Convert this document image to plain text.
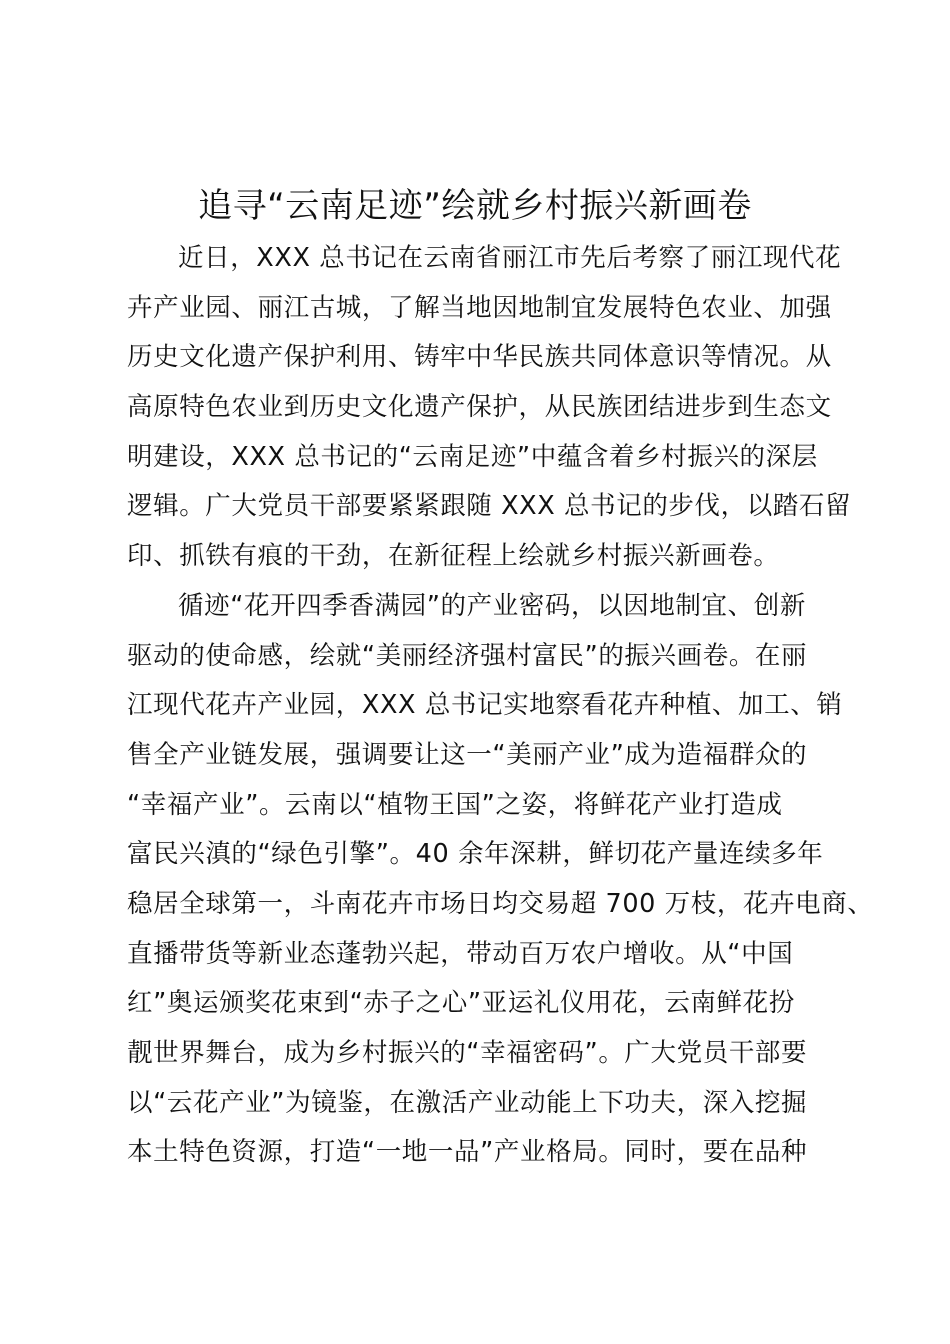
追寻“云南足迹”绘就乡村振兴新画卷
近日，XXX 总书记在云南省丽江市先后考察了丽江现代花
卉产业园、丽江古城，了解当地因地制宜发展特色农业、加强
历史文化遗产保护利用、铸牢中华民族共同体意识等情况。从
高原特色农业到历史文化遗产保护，从民族团结进步到生态文
明建设，XXX 总书记的“云南足迹”中蕴含着乡村振兴的深层
逻辑。广大党员干部要紧紧跟随 XXX 总书记的步伐，以踏石留
印、抓铁有痕的干劲，在新征程上绘就乡村振兴新画卷。
循迹“花开四季香满园”的产业密码，以因地制宜、创新
驱动的使命感，绘就“美丽经济强村富民”的振兴画卷。在丽
江现代花卉产业园，XXX 总书记实地察看花卉种植、加工、销
售全产业链发展，强调要让这一“美丽产业”成为造福群众的
“幸福产业”。云南以“植物王国”之姿，将鲜花产业打造成
富民兴滇的“绿色引擎”。40 余年深耕，鲜切花产量连续多年
稳居全球第一，斗南花卉市场日均交易超 700 万枝，花卉电商、
直播带货等新业态蓬勃兴起，带动百万农户增收。从“中国
红”奥运颁奖花束到“赤子之心”亚运礼仪用花，云南鲜花扮
靓世界舞台，成为乡村振兴的“幸福密码”。广大党员干部要
以“云花产业”为镜鉴，在激活产业动能上下功夫，深入挖掘
本土特色资源，打造“一地一品”产业格局。同时，要在品种
